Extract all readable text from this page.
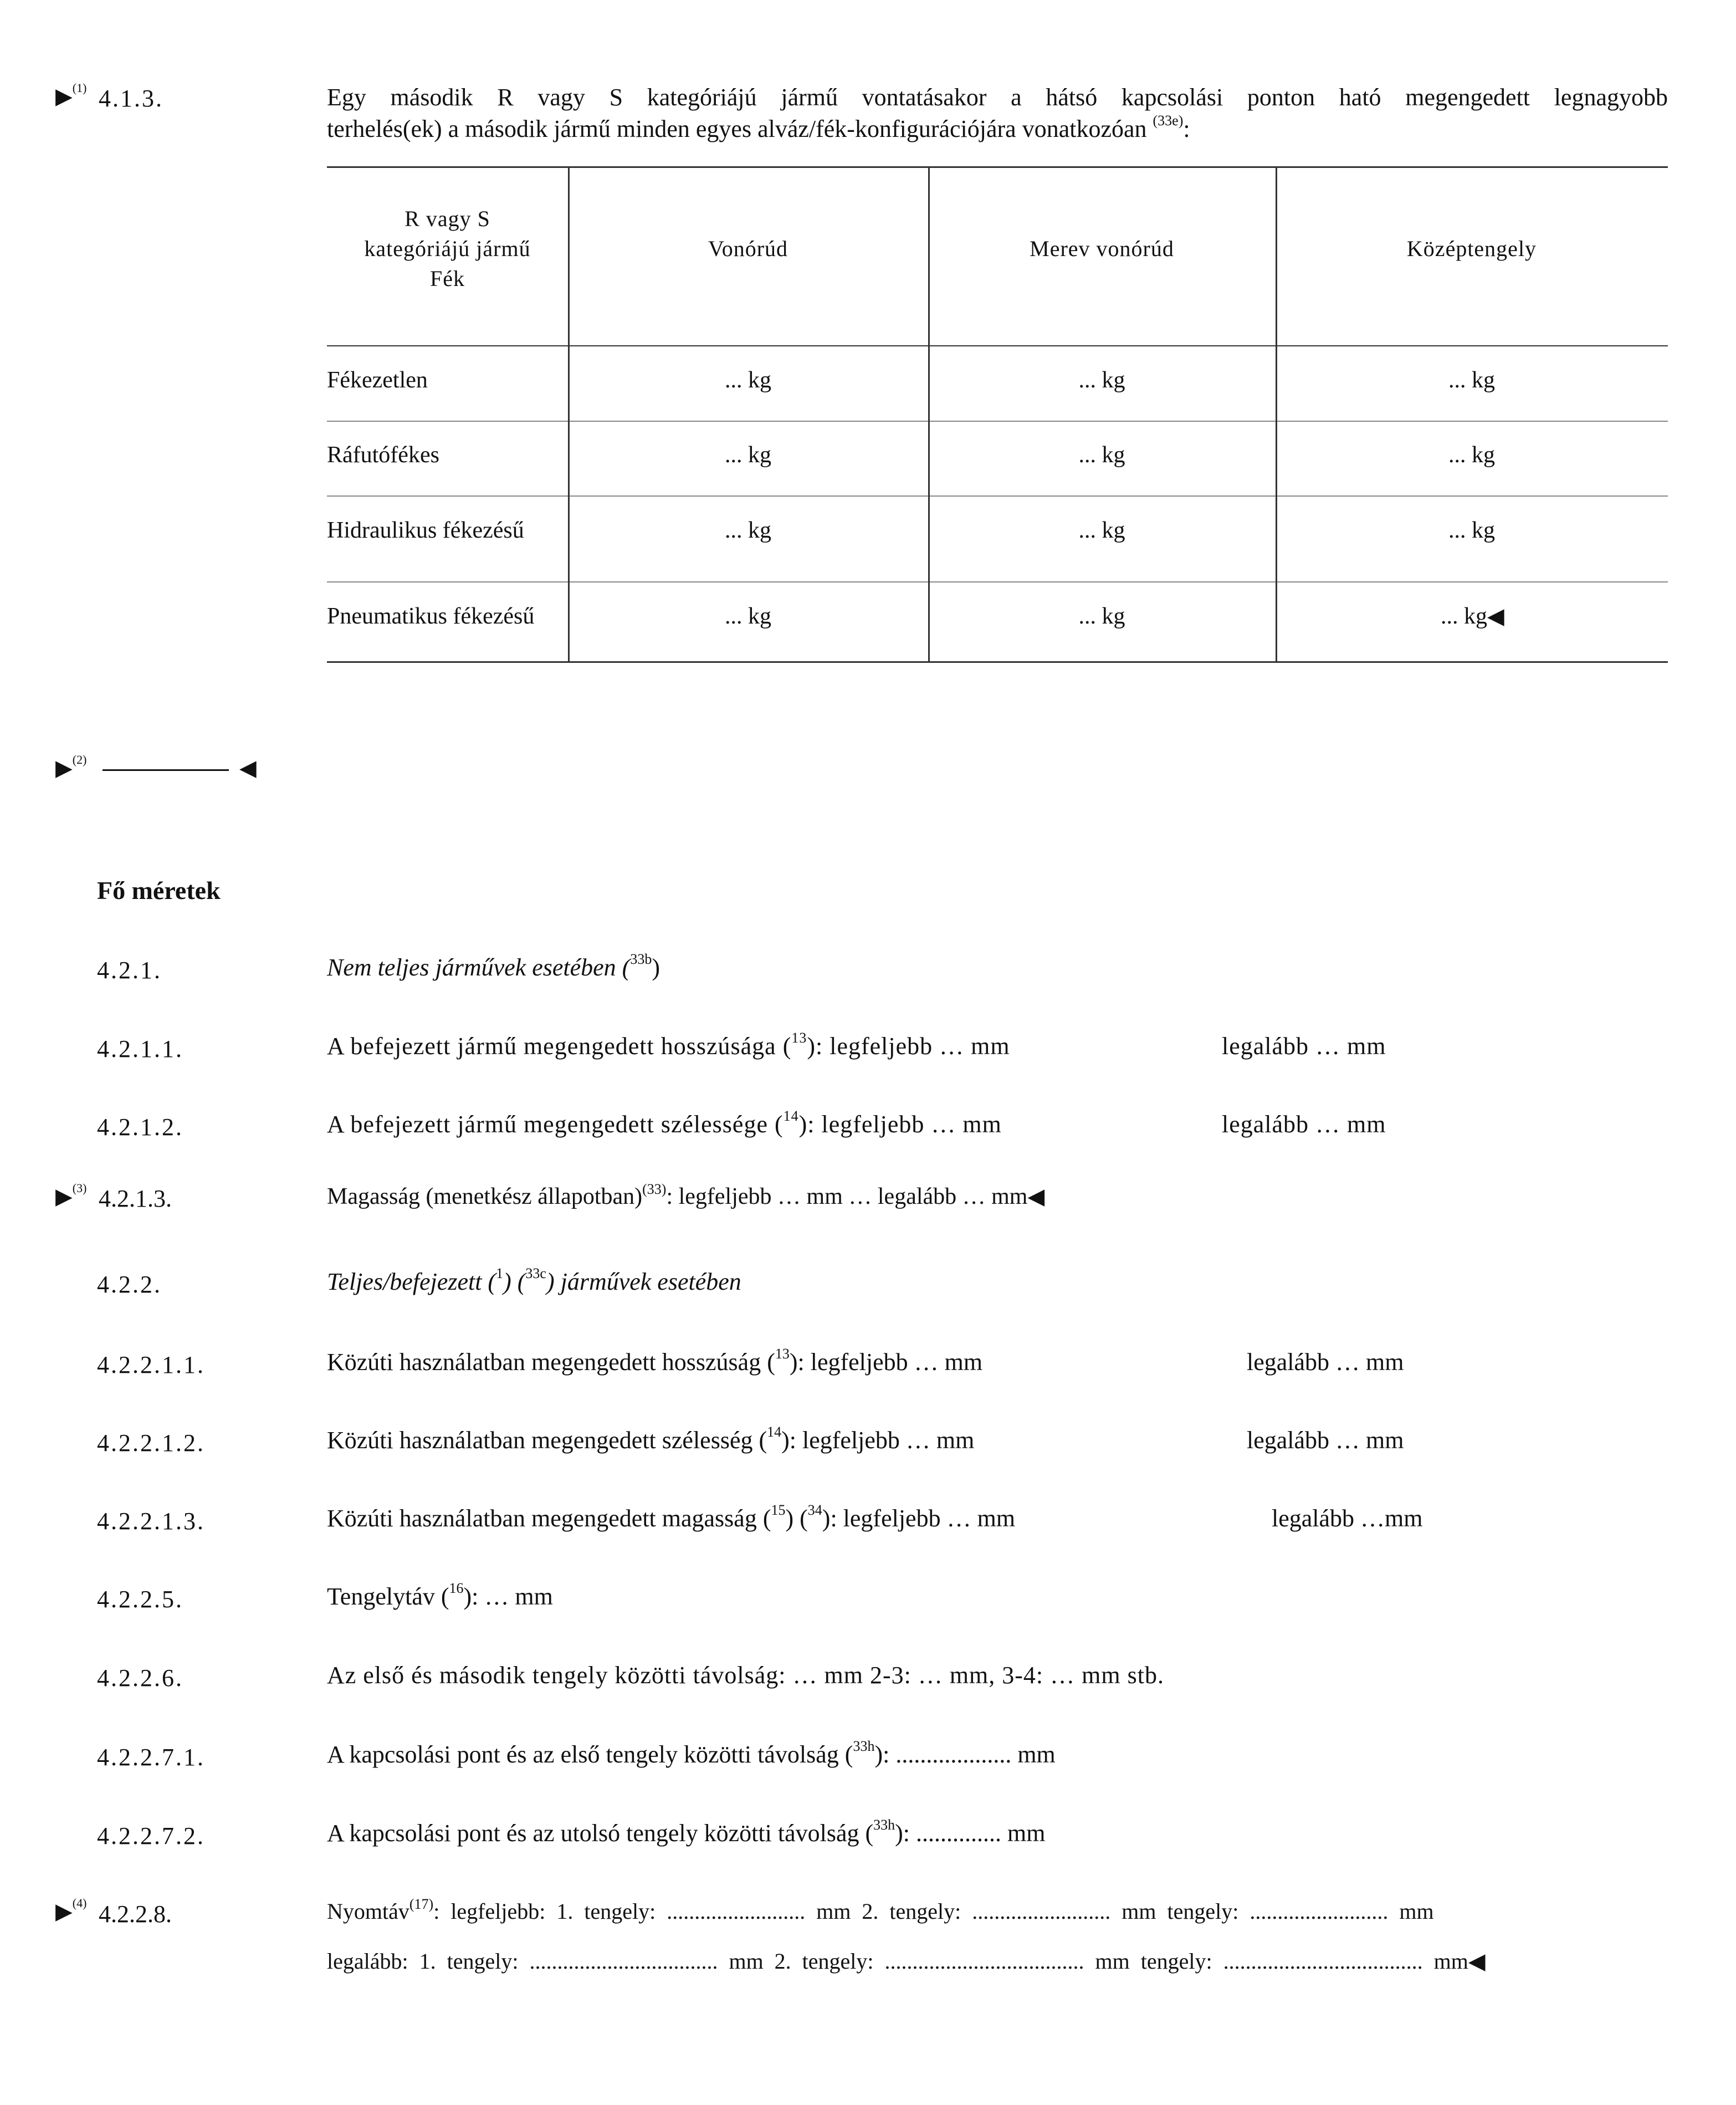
▶$^{(1)}$ 4.1.3.	Egy második R vagy S kategóriájú jármű vontatásakor a hátsó kapcsolási ponton ható megengedett legnagyobb
terhelés(ek) a második jármű minden egyes alváz/fék-konfigurációjára vonatkozóan $^{(33e)}$:
R vagy S
kategóriájú jármű
Fék
Vonórúd	Merev vonórúd	Középtengely
Fékezetlen	... kg	... kg	... kg
Ráfutófékes	... kg	... kg	... kg
Hidraulikus fékezésű	... kg	... kg	... kg
Pneumatikus fékezésű	... kg	... kg	... kg◀
▶$^{(2)}$	◀
Fő méretek
4.2.1.	Nem teljes járművek esetében ($^{33b}$)
4.2.1.1.	A befejezett jármű megengedett hosszúsága ($^{13}$): legfeljebb … mm	legalább … mm
4.2.1.2.	A befejezett jármű megengedett szélessége ($^{14}$): legfeljebb … mm	legalább … mm
▶$^{(3)}$ 4.2.1.3.	Magasság (menetkész állapotban)$^{(33)}$: legfeljebb … mm … legalább … mm◀
4.2.2.	Teljes/befejezett ($^1$) ($^{33c}$) járművek esetében
4.2.2.1.1.	Közúti használatban megengedett hosszúság ($^{13}$): legfeljebb … mm	legalább … mm
4.2.2.1.2.	Közúti használatban megengedett szélesség ($^{14}$): legfeljebb … mm	legalább … mm
4.2.2.1.3.	Közúti használatban megengedett magasság ($^{15}$) ($^{34}$): legfeljebb … mm	legalább …mm
4.2.2.5.	Tengelytáv ($^{16}$): … mm
4.2.2.6.	Az első és második tengely közötti távolság: … mm 2-3: … mm, 3-4: … mm stb.
4.2.2.7.1.	A kapcsolási pont és az első tengely közötti távolság ($^{33h}$): ................... mm
4.2.2.7.2.	A kapcsolási pont és az utolsó tengely közötti távolság ($^{33h}$): .............. mm
▶$^{(4)}$ 4.2.2.8.	Nyomtáv$^{(17)}$:  legfeljebb:  1.  tengely:  .........................  mm  2.  tengely:  .........................  mm  tengely:  .........................  mm
legalább:  1.  tengely:  ..................................  mm  2.  tengely:  ....................................  mm  tengely:  ....................................  mm◀
